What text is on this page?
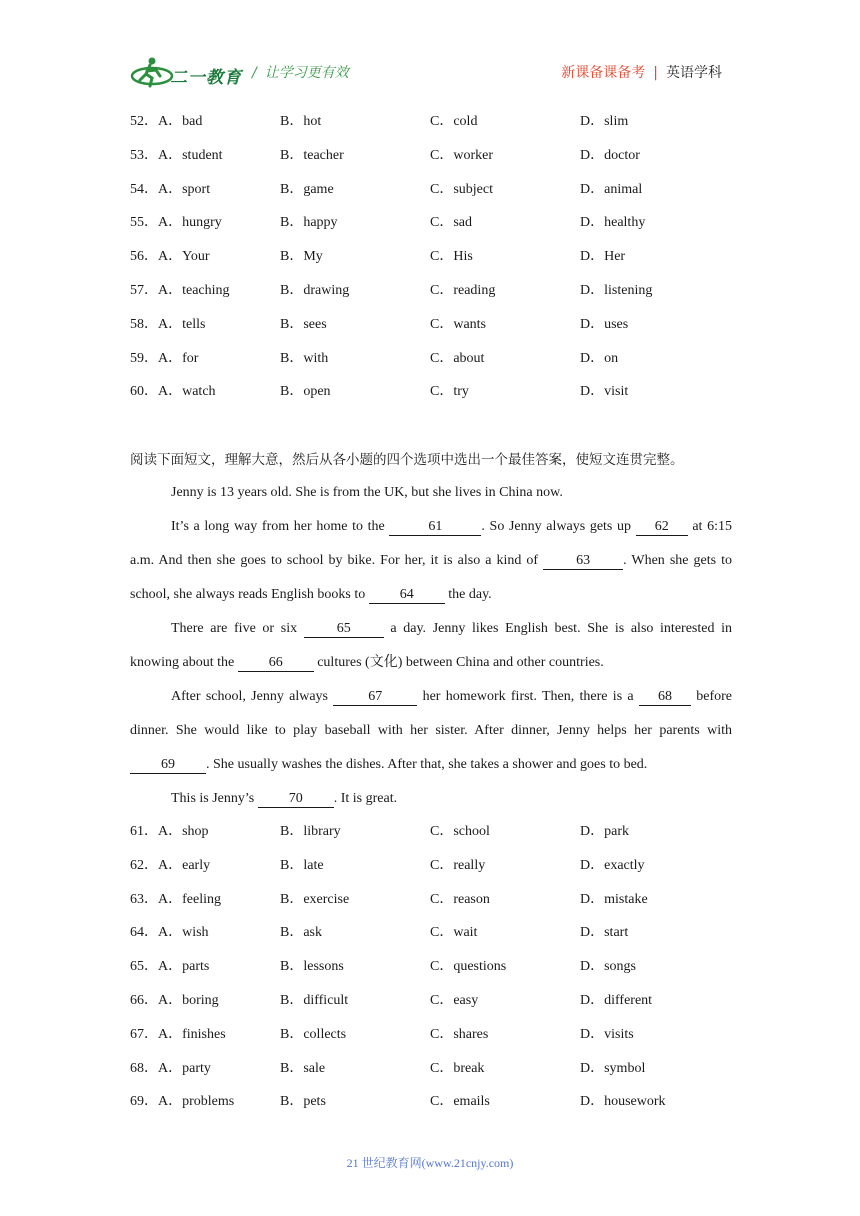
二一教育 / 让学习更有效	新课备课备考 | 英语学科
52．A．bad	B．hot	C．cold	D．slim
53．A．student	B．teacher	C．worker	D．doctor
54．A．sport	B．game	C．subject	D．animal
55．A．hungry	B．happy	C．sad	D．healthy
56．A．Your	B．My	C．His	D．Her
57．A．teaching	B．drawing	C．reading	D．listening
58．A．tells	B．sees	C．wants	D．uses
59．A．for	B．with	C．about	D．on
60．A．watch	B．open	C．try	D．visit
阅读下面短文，理解大意，然后从各小题的四个选项中选出一个最佳答案，使短文连贯完整。
Jenny is 13 years old. She is from the UK, but she lives in China now.
It’s a long way from her home to the	61	. So Jenny always gets up 62 at 6:15 a.m. And then she goes to school by bike. For her, it is also a kind of 63 . When she gets to school, she always reads English books to 64 the day.
There are five or six 65 a day. Jenny likes English best. She is also interested in knowing about the 66 cultures (文化) between China and other countries.
After school, Jenny always	67	her homework first. Then, there is a 68 before dinner. She would like to play baseball with her sister. After dinner, Jenny helps her parents with 69 . She usually washes the dishes. After that, she takes a shower and goes to bed.
This is Jenny’s 70 . It is great.
61．A．shop	B．library	C．school	D．park
62．A．early	B．late	C．really	D．exactly
63．A．feeling	B．exercise	C．reason	D．mistake
64．A．wish	B．ask	C．wait	D．start
65．A．parts	B．lessons	C．questions	D．songs
66．A．boring	B．difficult	C．easy	D．different
67．A．finishes	B．collects	C．shares	D．visits
68．A．party	B．sale	C．break	D．symbol
69．A．problems	B．pets	C．emails	D．housework
21 世纪教育网(www.21cnjy.com)
